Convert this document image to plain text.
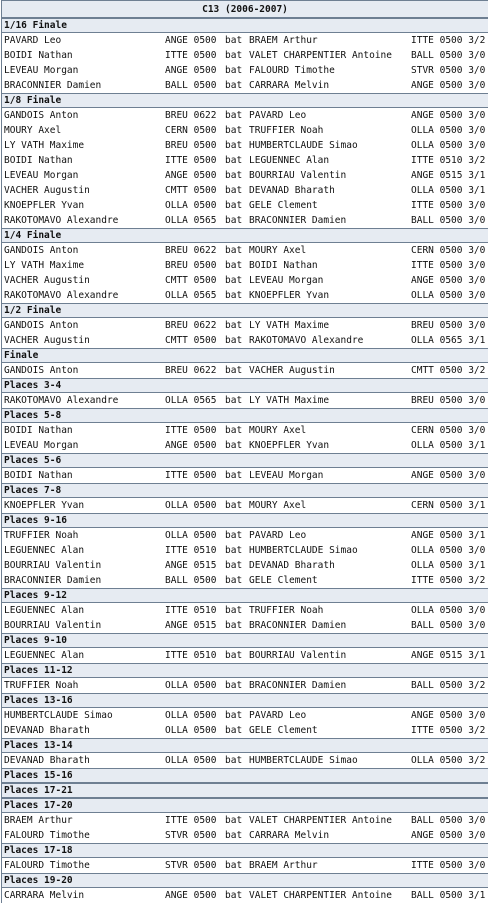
C13 (2006-2007)
1/16 Finale
PAVARD Leo	ANGE 0500 bat BRAEM Arthur	ITTE 0500 3/2
BOIDI Nathan	ITTE 0500 bat VALET CHARPENTIER Antoine BALL 0500 3/0
LEVEAU Morgan	ANGE 0500 bat FALOURD Timothe	STVR 0500 3/0
BRACONNIER Damien	BALL 0500 bat CARRARA Melvin	ANGE 0500 3/0
1/8 Finale
GANDOIS Anton	BREU 0622 bat PAVARD Leo	ANGE 0500 3/0
MOURY Axel	CERN 0500 bat TRUFFIER Noah	OLLA 0500 3/0
LY VATH Maxime	BREU 0500 bat HUMBERTCLAUDE Simao	OLLA 0500 3/0
BOIDI Nathan	ITTE 0500 bat LEGUENNEC Alan	ITTE 0510 3/2
LEVEAU Morgan	ANGE 0500 bat BOURRIAU Valentin	ANGE 0515 3/1
VACHER Augustin	CMTT 0500 bat DEVANAD Bharath	OLLA 0500 3/1
KNOEPFLER Yvan	OLLA 0500 bat GELE Clement	ITTE 0500 3/0
RAKOTOMAVO Alexandre	OLLA 0565 bat BRACONNIER Damien	BALL 0500 3/0
1/4 Finale
GANDOIS Anton	BREU 0622 bat MOURY Axel	CERN 0500 3/0
LY VATH Maxime	BREU 0500 bat BOIDI Nathan	ITTE 0500 3/0
VACHER Augustin	CMTT 0500 bat LEVEAU Morgan	ANGE 0500 3/0
RAKOTOMAVO Alexandre	OLLA 0565 bat KNOEPFLER Yvan	OLLA 0500 3/0
1/2 Finale
GANDOIS Anton	BREU 0622 bat LY VATH Maxime	BREU 0500 3/0
VACHER Augustin	CMTT 0500 bat RAKOTOMAVO Alexandre	OLLA 0565 3/1
Finale
GANDOIS Anton	BREU 0622 bat VACHER Augustin	CMTT 0500 3/2
Places 3-4
RAKOTOMAVO Alexandre	OLLA 0565 bat LY VATH Maxime	BREU 0500 3/0
Places 5-8
BOIDI Nathan	ITTE 0500 bat MOURY Axel	CERN 0500 3/0
LEVEAU Morgan	ANGE 0500 bat KNOEPFLER Yvan	OLLA 0500 3/1
Places 5-6
BOIDI Nathan	ITTE 0500 bat LEVEAU Morgan	ANGE 0500 3/0
Places 7-8
KNOEPFLER Yvan	OLLA 0500 bat MOURY Axel	CERN 0500 3/1
Places 9-16
TRUFFIER Noah	OLLA 0500 bat PAVARD Leo	ANGE 0500 3/1
LEGUENNEC Alan	ITTE 0510 bat HUMBERTCLAUDE Simao	OLLA 0500 3/0
BOURRIAU Valentin	ANGE 0515 bat DEVANAD Bharath	OLLA 0500 3/1
BRACONNIER Damien	BALL 0500 bat GELE Clement	ITTE 0500 3/2
Places 9-12
LEGUENNEC Alan	ITTE 0510 bat TRUFFIER Noah	OLLA 0500 3/0
BOURRIAU Valentin	ANGE 0515 bat BRACONNIER Damien	BALL 0500 3/0
Places 9-10
LEGUENNEC Alan	ITTE 0510 bat BOURRIAU Valentin	ANGE 0515 3/1
Places 11-12
TRUFFIER Noah	OLLA 0500 bat BRACONNIER Damien	BALL 0500 3/2
Places 13-16
HUMBERTCLAUDE Simao	OLLA 0500 bat PAVARD Leo	ANGE 0500 3/0
DEVANAD Bharath	OLLA 0500 bat GELE Clement	ITTE 0500 3/2
Places 13-14
DEVANAD Bharath	OLLA 0500 bat HUMBERTCLAUDE Simao	OLLA 0500 3/2
Places 15-16
Places 17-21
Places 17-20
BRAEM Arthur	ITTE 0500 bat VALET CHARPENTIER Antoine BALL 0500 3/0
FALOURD Timothe	STVR 0500 bat CARRARA Melvin	ANGE 0500 3/0
Places 17-18
FALOURD Timothe	STVR 0500 bat BRAEM Arthur	ITTE 0500 3/0
Places 19-20
CARRARA Melvin	ANGE 0500 bat VALET CHARPENTIER Antoine BALL 0500 3/1
